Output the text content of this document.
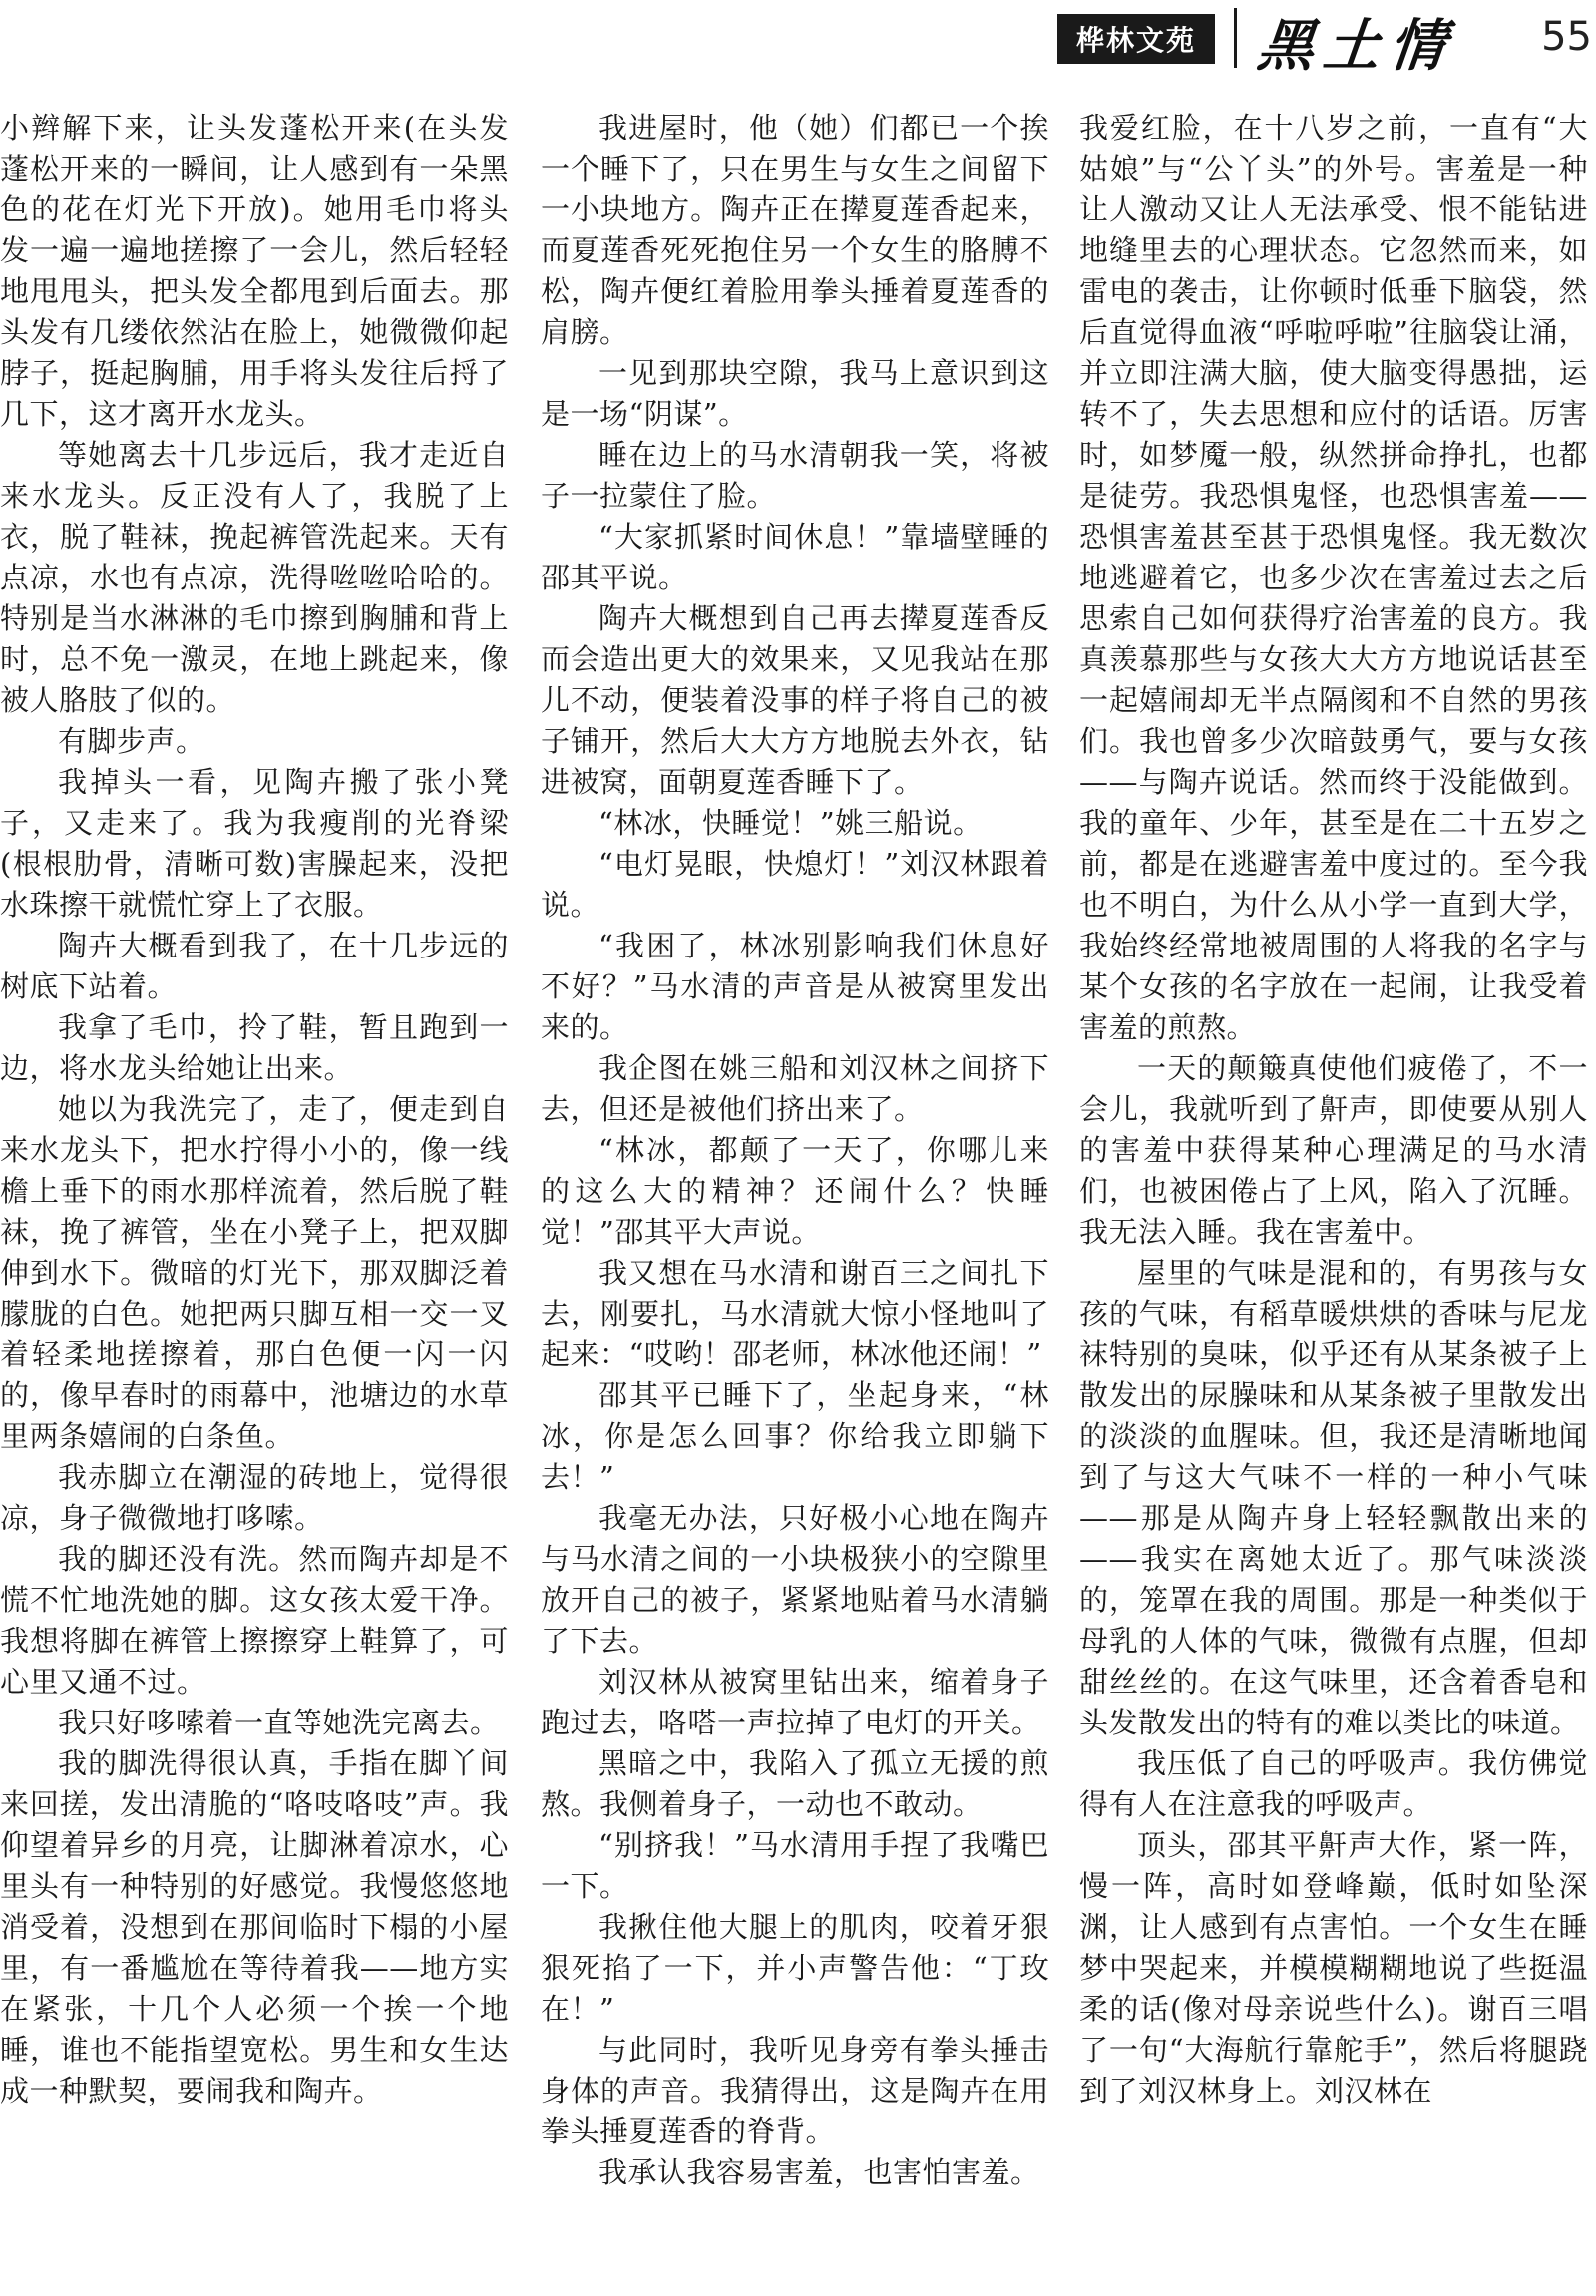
桦林文苑	黑土情 55

小辫解下来，让头发蓬松开来(在头发蓬松开来的一瞬间，让人感到有一朵黑色的花在灯光下开放)。她用毛巾将头发一遍一遍地搓擦了一会儿，然后轻轻地甩甩头，把头发全都甩到后面去。那头发有几缕依然沾在脸上，她微微仰起脖子，挺起胸脯，用手将头发往后捋了几下，这才离开水龙头。

等她离去十几步远后，我才走近自来水龙头。反正没有人了，我脱了上衣，脱了鞋袜，挽起裤管洗起来。天有点凉，水也有点凉，洗得咝咝哈哈的。特别是当水淋淋的毛巾擦到胸脯和背上时，总不免一激灵，在地上跳起来，像被人胳肢了似的。

有脚步声。

我掉头一看，见陶卉搬了张小凳子，又走来了。我为我瘦削的光脊梁(根根肋骨，清晰可数)害臊起来，没把水珠擦干就慌忙穿上了衣服。

陶卉大概看到我了，在十几步远的树底下站着。

我拿了毛巾，拎了鞋，暂且跑到一边，将水龙头给她让出来。

她以为我洗完了，走了，便走到自来水龙头下，把水拧得小小的，像一线檐上垂下的雨水那样流着，然后脱了鞋袜，挽了裤管，坐在小凳子上，把双脚伸到水下。微暗的灯光下，那双脚泛着朦胧的白色。她把两只脚互相一交一叉着轻柔地搓擦着，那白色便一闪一闪的，像早春时的雨幕中，池塘边的水草里两条嬉闹的白条鱼。

我赤脚立在潮湿的砖地上，觉得很凉，身子微微地打哆嗦。

我的脚还没有洗。然而陶卉却是不慌不忙地洗她的脚。这女孩太爱干净。我想将脚在裤管上擦擦穿上鞋算了，可心里又通不过。

我只好哆嗦着一直等她洗完离去。

我的脚洗得很认真，手指在脚丫间来回搓，发出清脆的“咯吱咯吱”声。我仰望着异乡的月亮，让脚淋着凉水，心里头有一种特别的好感觉。我慢悠悠地消受着，没想到在那间临时下榻的小屋里，有一番尴尬在等待着我——地方实在紧张，十几个人必须一个挨一个地睡，谁也不能指望宽松。男生和女生达成一种默契，要闹我和陶卉。

我进屋时，他（她）们都已一个挨一个睡下了，只在男生与女生之间留下一小块地方。陶卉正在撵夏莲香起来，而夏莲香死死抱住另一个女生的胳膊不松，陶卉便红着脸用拳头捶着夏莲香的肩膀。

一见到那块空隙，我马上意识到这是一场“阴谋”。

睡在边上的马水清朝我一笑，将被子一拉蒙住了脸。

“大家抓紧时间休息！”靠墙壁睡的邵其平说。

陶卉大概想到自己再去撵夏莲香反而会造出更大的效果来，又见我站在那儿不动，便装着没事的样子将自己的被子铺开，然后大大方方地脱去外衣，钻进被窝，面朝夏莲香睡下了。

“林冰，快睡觉！”姚三船说。

“电灯晃眼，快熄灯！”刘汉林跟着说。

“我困了，林冰别影响我们休息好不好？”马水清的声音是从被窝里发出来的。

我企图在姚三船和刘汉林之间挤下去，但还是被他们挤出来了。

“林冰，都颠了一天了，你哪儿来的这么大的精神？还闹什么？快睡觉！”邵其平大声说。

我又想在马水清和谢百三之间扎下去，刚要扎，马水清就大惊小怪地叫了起来：“哎哟！邵老师，林冰他还闹！”

邵其平已睡下了，坐起身来，“林冰，你是怎么回事？你给我立即躺下去！”

我毫无办法，只好极小心地在陶卉与马水清之间的一小块极狭小的空隙里放开自己的被子，紧紧地贴着马水清躺了下去。

刘汉林从被窝里钻出来，缩着身子跑过去，咯嗒一声拉掉了电灯的开关。

黑暗之中，我陷入了孤立无援的煎熬。我侧着身子，一动也不敢动。

“别挤我！”马水清用手捏了我嘴巴一下。

我揪住他大腿上的肌肉，咬着牙狠狠死掐了一下，并小声警告他：“丁玫在！”

与此同时，我听见身旁有拳头捶击身体的声音。我猜得出，这是陶卉在用拳头捶夏莲香的脊背。

我承认我容易害羞，也害怕害羞。

我爱红脸，在十八岁之前，一直有“大姑娘”与“公丫头”的外号。害羞是一种让人激动又让人无法承受、恨不能钻进地缝里去的心理状态。它忽然而来，如雷电的袭击，让你顿时低垂下脑袋，然后直觉得血液“呼啦呼啦”往脑袋让涌，并立即注满大脑，使大脑变得愚拙，运转不了，失去思想和应付的话语。厉害时，如梦魇一般，纵然拼命挣扎，也都是徒劳。我恐惧鬼怪，也恐惧害羞——恐惧害羞甚至甚于恐惧鬼怪。我无数次地逃避着它，也多少次在害羞过去之后思索自己如何获得疗治害羞的良方。我真羡慕那些与女孩大大方方地说话甚至一起嬉闹却无半点隔阂和不自然的男孩们。我也曾多少次暗鼓勇气，要与女孩——与陶卉说话。然而终于没能做到。我的童年、少年，甚至是在二十五岁之前，都是在逃避害羞中度过的。至今我也不明白，为什么从小学一直到大学，我始终经常地被周围的人将我的名字与某个女孩的名字放在一起闹，让我受着害羞的煎熬。

一天的颠簸真使他们疲倦了，不一会儿，我就听到了鼾声，即使要从别人的害羞中获得某种心理满足的马水清们，也被困倦占了上风，陷入了沉睡。我无法入睡。我在害羞中。

屋里的气味是混和的，有男孩与女孩的气味，有稻草暖烘烘的香味与尼龙袜特别的臭味，似乎还有从某条被子上散发出的尿臊味和从某条被子里散发出的淡淡的血腥味。但，我还是清晰地闻到了与这大气味不一样的一种小气味——那是从陶卉身上轻轻飘散出来的——我实在离她太近了。那气味淡淡的，笼罩在我的周围。那是一种类似于母乳的人体的气味，微微有点腥，但却甜丝丝的。在这气味里，还含着香皂和头发散发出的特有的难以类比的味道。

我压低了自己的呼吸声。我仿佛觉得有人在注意我的呼吸声。

顶头，邵其平鼾声大作，紧一阵，慢一阵，高时如登峰巅，低时如坠深渊，让人感到有点害怕。一个女生在睡梦中哭起来，并模模糊糊地说了些挺温柔的话(像对母亲说些什么)。谢百三唱了一句“大海航行靠舵手”，然后将腿跷到了刘汉林身上。刘汉林在
